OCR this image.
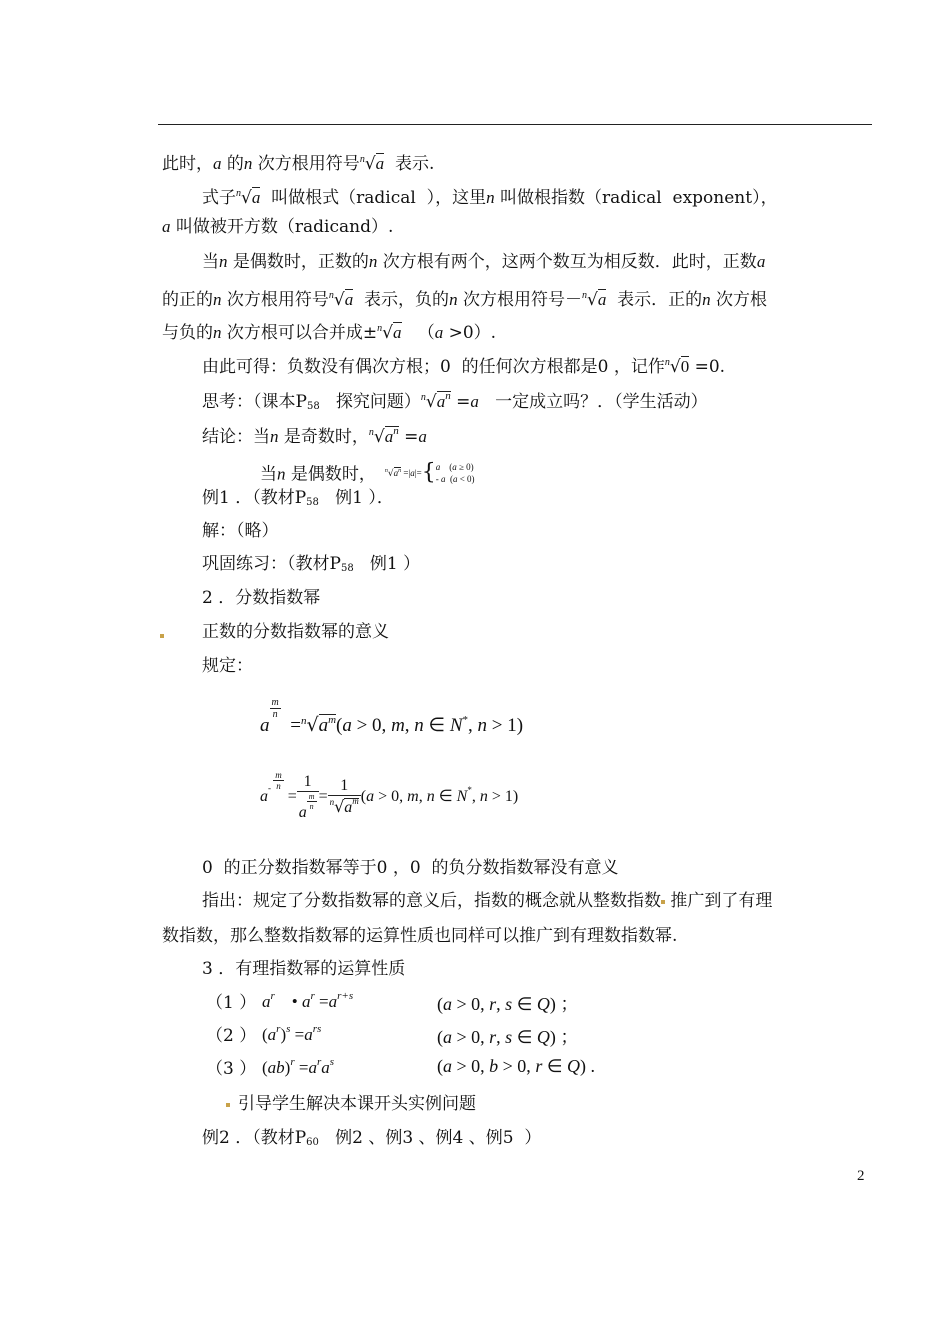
此时，a 的n 次方根用符号$^n$√a  表示.
式子$^n$√a  叫做根式（radical  ），这里n 叫做根指数（radical  exponent），
a 叫做被开方数（radicand）.
当n 是偶数时，正数的n 次方根有两个，这两个数互为相反数．此时，正数a
的正的n 次方根用符号$^n$√a  表示，负的n 次方根用符号－$^n$√a  表示．正的n 次方根
与负的n 次方根可以合并成±$^n$√a   （a >0）.
由此可得：负数没有偶次方根；0  的任何次方根都是0 ，记作$^n$√0 =0.
思考：（课本$P_{58}$   探究问题）$^n√a^n =a$   一定成立吗？．（学生活动）
结论：当n 是奇数时，$^n√a^n =a$
当n 是偶数时， $^n√a^n =|a|=${ a    (a ≥ 0)
- a  (a < 0)

例1 ．（教材$P_{58}$   例1 ）．
解：（略）
巩固练习：（教材$P_{58}$   例1 ）
2 ．分数指数幂
正数的分数指数幂的意义
规定：
a
$\frac{m}{n}$
$=^n√a^m(a > 0$, m, n ∈ N*, n > 1)
$a^- \frac{m}{n}$
= 1
a
$\frac{m}{n} = \frac{1}{^n√a^m} (a > 0$, m, n ∈ N*, n > 1)
0  的正分数指数幂等于0 ，0  的负分数指数幂没有意义
指出：规定了分数指数幂的意义后，指数的概念就从整数指数 推广到了有理
数指数，那么整数指数幂的运算性质也同样可以推广到有理数指数幂.
3 ．有理指数幂的运算性质
（1 ） $a^r$    • $a^r =a^{r+s}$	(a > 0, r, s ∈ Q) ；
（2 ） $(a^r)^s =a^{rs}$	(a > 0, r, s ∈ Q) ；
（3 ） $(ab)^r =a^ra^s$	(a > 0, b > 0, r ∈ Q) .
引导学生解决本课开头实例问题
例2 ．（教材$P_{60}$   例2 、例3 、例4 、例5  ）
2
